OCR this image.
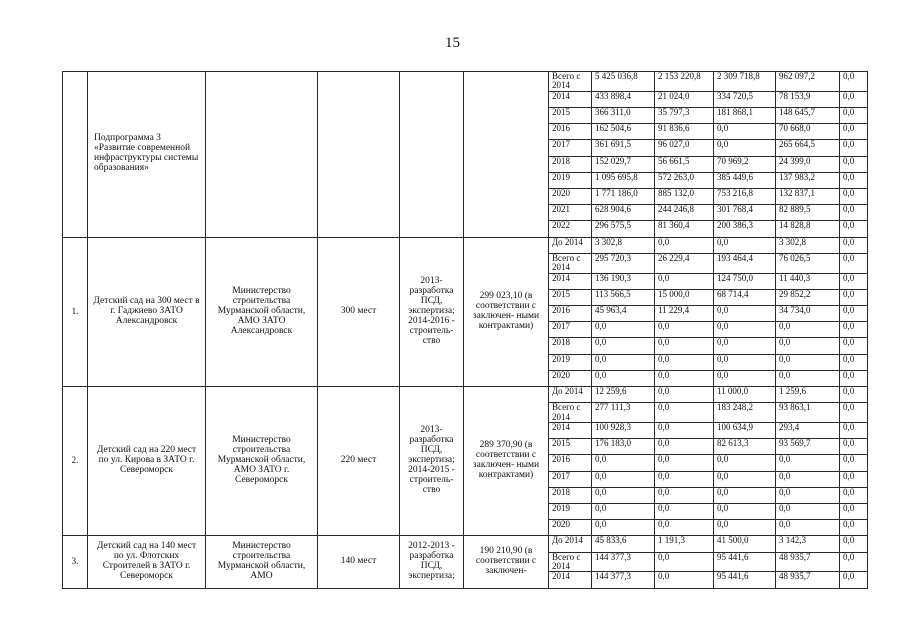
15
	Подпрограмма 3 «Развитие современной инфраструктуры системы образования»					Всего с 2014	5 425 036,8	2 153 220,8	2 309 718,8	962 097,2	0,0
						2014	433 898,4	21 024,0	334 720,5	78 153,9	0,0
						2015	366 311,0	35 797,3	181 868,1	148 645,7	0,0
						2016	162 504,6	91 836,6	0,0	70 668,0	0,0
						2017	361 691,5	96 027,0	0,0	265 664,5	0,0
						2018	152 029,7	56 661,5	70 969,2	24 399,0	0,0
						2019	1 095 695,8	572 263,0	385 449,6	137 983,2	0,0
						2020	1 771 186,0	885 132,0	753 216,8	132 837,1	0,0
						2021	628 904,6	244 246,8	301 768,4	82 889,5	0,0
						2022	296 575,5	81 360,4	200 386,3	14 828,8	0,0
1.	Детский сад на 300 мест в г. Гаджиево ЗАТО Александровск	Министерство строительства Мурманской области, АМО ЗАТО Александровск	300 мест	2013- разработка ПСД, экспертиза; 2014-2016 - строитель- ство	299 023,10 (в соответствии с заключен- ными контрактами)	До 2014	3 302,8	0,0	0,0	3 302,8	0,0
						Всего с 2014	295 720,3	26 229,4	193 464,4	76 026,5	0,0
						2014	136 190,3	0,0	124 750,0	11 440,3	0,0
						2015	113 566,5	15 000,0	68 714,4	29 852,2	0,0
						2016	45 963,4	11 229,4	0,0	34 734,0	0,0
						2017	0,0	0,0	0,0	0,0	0,0
						2018	0,0	0,0	0,0	0,0	0,0
						2019	0,0	0,0	0,0	0,0	0,0
						2020	0,0	0,0	0,0	0,0	0,0
2.	Детский сад на 220 мест по ул. Кирова в ЗАТО г. Североморск	Министерство строительства Мурманской области, АМО ЗАТО г. Североморск	220 мест	2013- разработка ПСД, экспертиза; 2014-2015 - строитель- ство	289 370,90 (в соответствии с заключен- ными контрактами)	До 2014	12 259,6	0,0	11 000,0	1 259,6	0,0
						Всего с 2014	277 111,3	0,0	183 248,2	93 863,1	0,0
						2014	100 928,3	0,0	100 634,9	293,4	0,0
						2015	176 183,0	0,0	82 613,3	93 569,7	0,0
						2016	0,0	0,0	0,0	0,0	0,0
						2017	0,0	0,0	0,0	0,0	0,0
						2018	0,0	0,0	0,0	0,0	0,0
						2019	0,0	0,0	0,0	0,0	0,0
						2020	0,0	0,0	0,0	0,0	0,0
3.	Детский сад на 140 мест по ул. Флотских Строителей в ЗАТО г. Североморск	Министерство строительства Мурманской области, АМО	140 мест	2012-2013 - разработка ПСД, экспертиза;	190 210,90 (в соответствии с заключен-	До 2014	45 833,6	1 191,3	41 500,0	3 142,3	0,0
						Всего с 2014	144 377,3	0,0	95 441,6	48 935,7	0,0
						2014	144 377,3	0,0	95 441,6	48 935,7	0,0
